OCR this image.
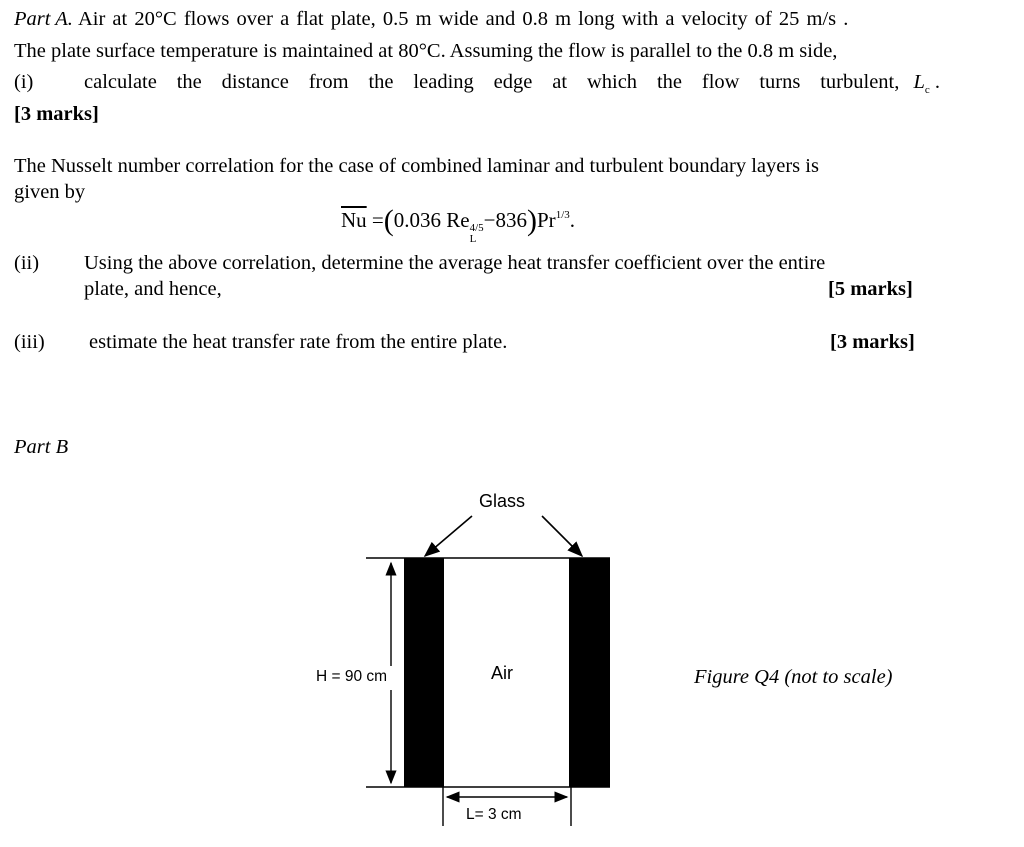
Part A. Air at 20°C flows over a flat plate, 0.5 m wide and 0.8 m long with a velocity of 25 m/s .
The plate surface temperature is maintained at 80°C. Assuming the flow is parallel to the 0.8 m side,
(i)	calculate the distance from the leading edge at which the flow turns turbulent, $L_c$ .
[3 marks]
The Nusselt number correlation for the case of combined laminar and turbulent boundary layers is
given by
$\overline{Nu} =(0.036$ Re 4/5
L
$-836)Pr^{1/3}$.
(ii) Using the above correlation, determine the average heat transfer coefficient over the entire
plate, and hence,	[5 marks]
(iii) estimate the heat transfer rate from the entire plate.	[3 marks]
Part B
Glass
Air
H = 90 cm
L= 3 cm
Figure Q4 (not to scale)
